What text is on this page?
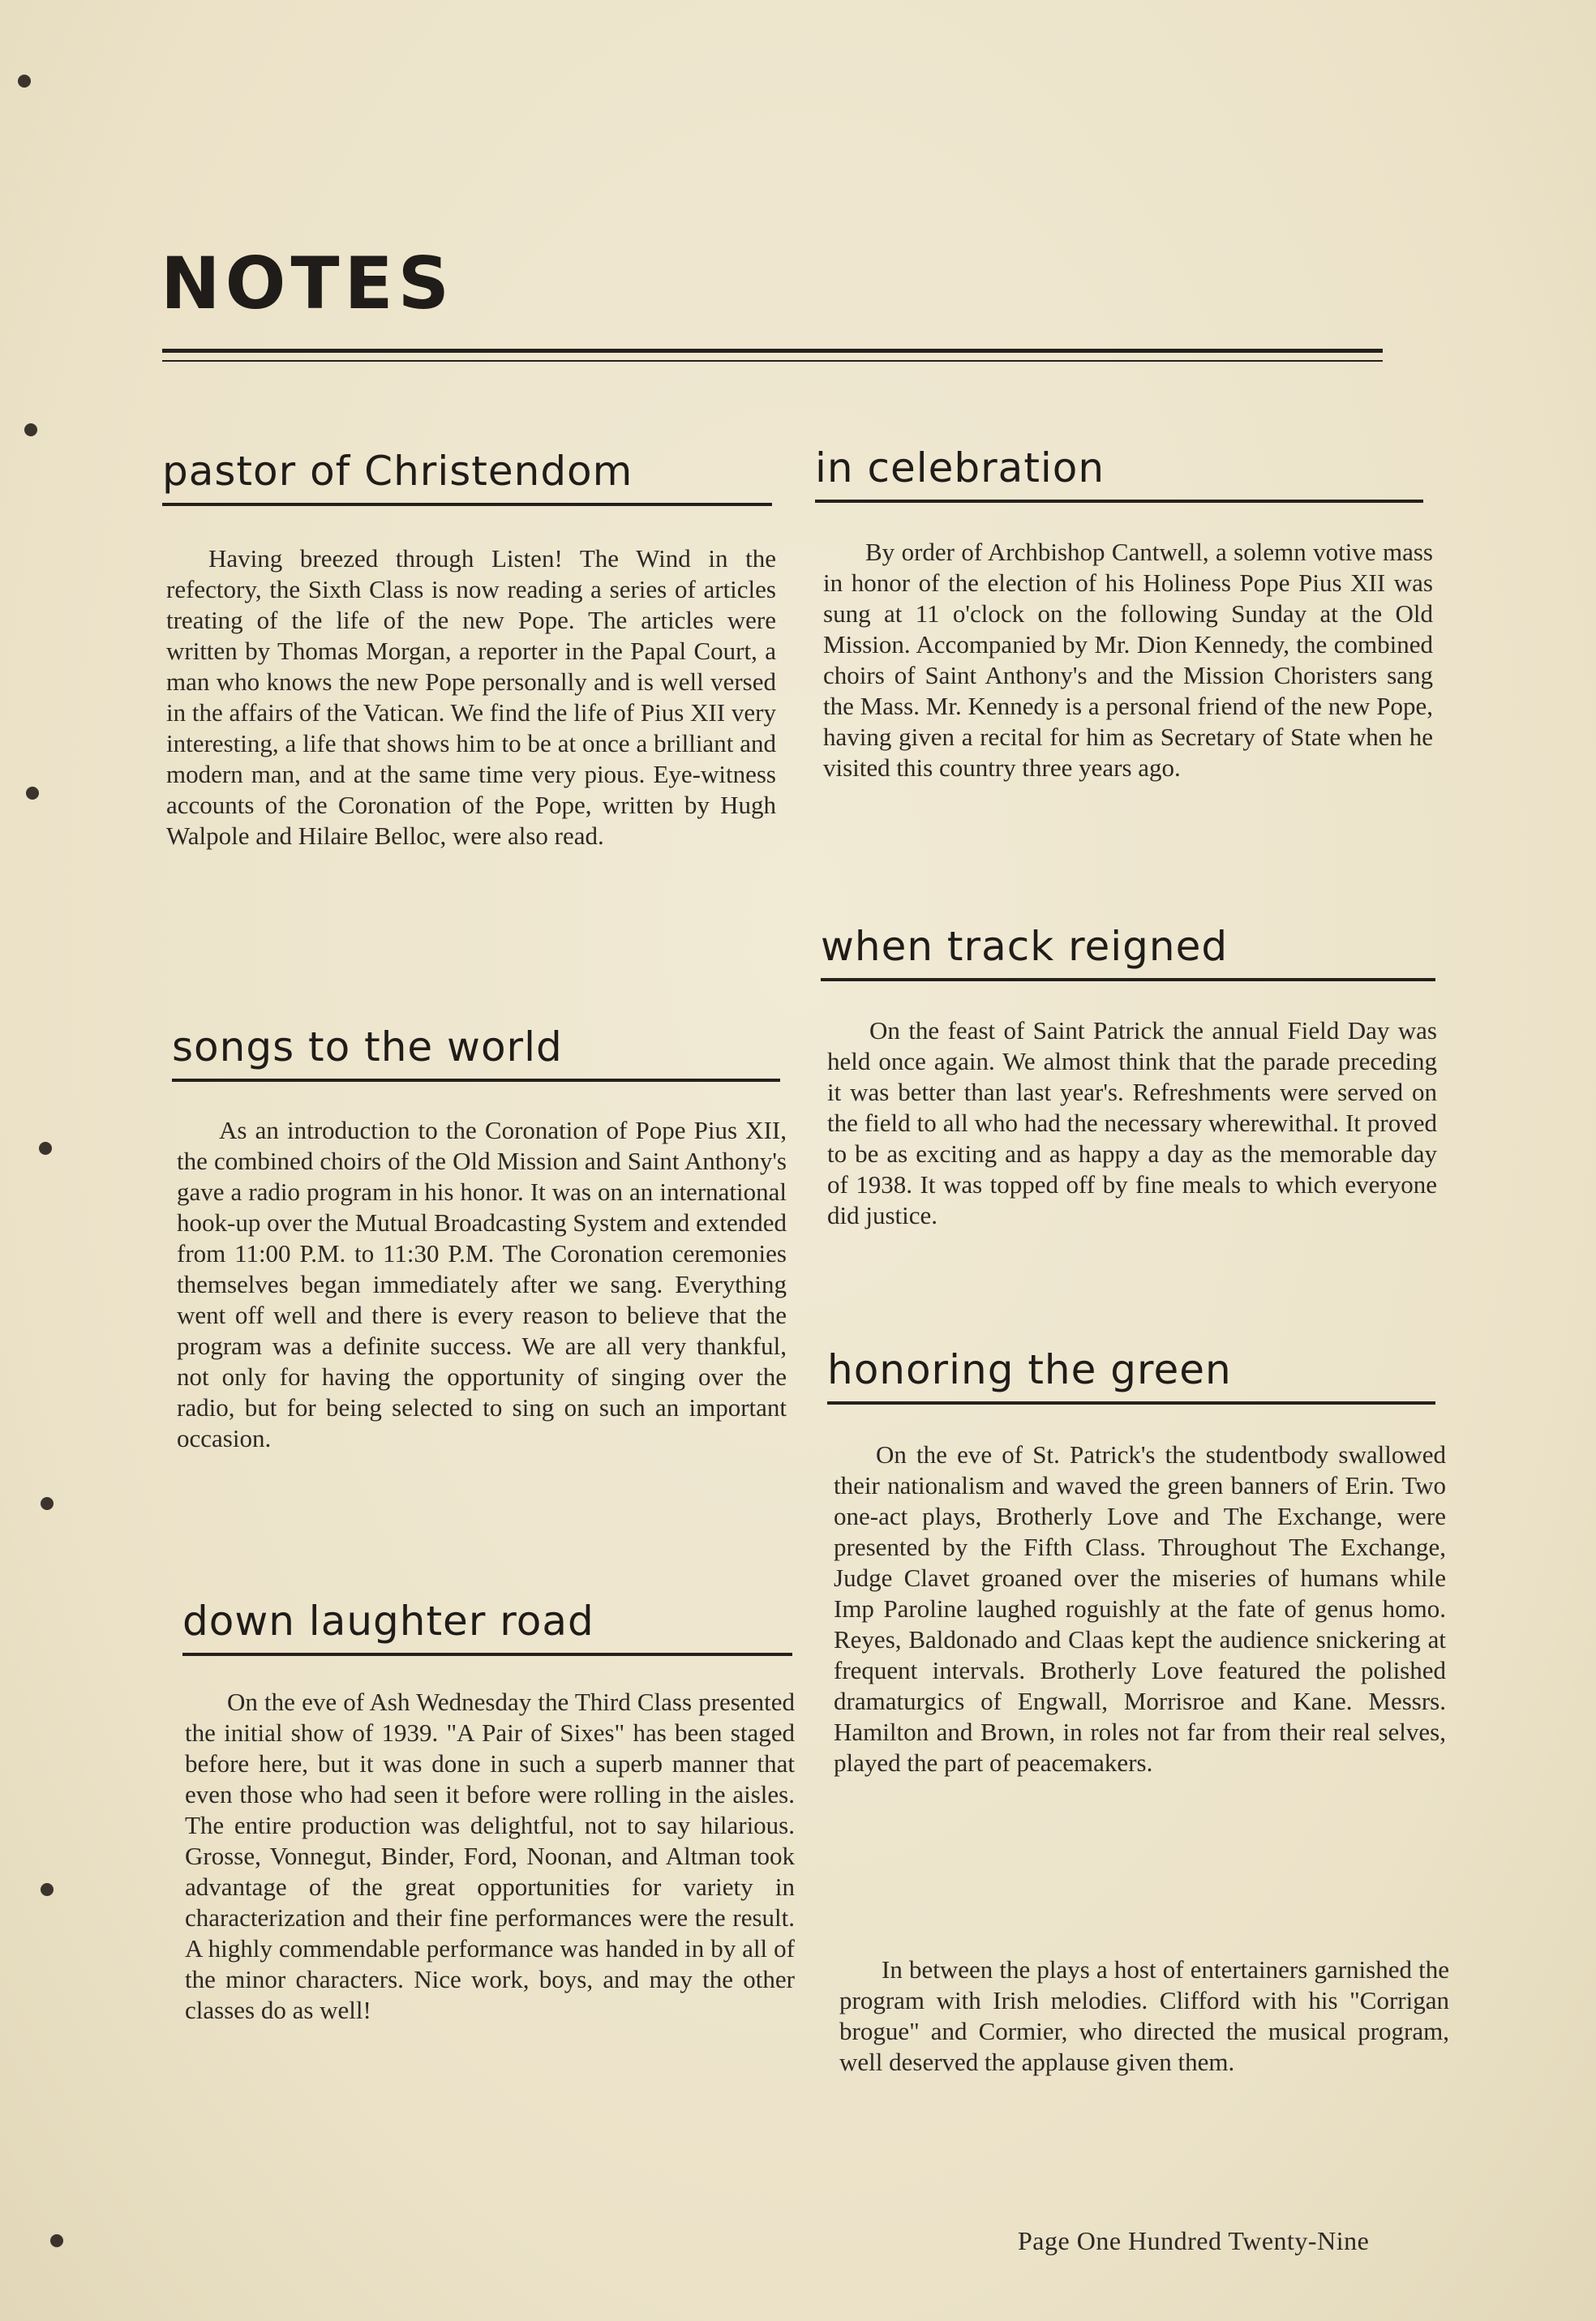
NOTES
pastor of Christendom

Having breezed through Listen! The Wind in the refectory, the Sixth Class is now reading a series of articles treating of the life of the new Pope. The articles were written by Thomas Morgan, a reporter in the Papal Court, a man who knows the new Pope personally and is well versed in the affairs of the Vatican. We find the life of Pius XII very interesting, a life that shows him to be at once a brilliant and modern man, and at the same time very pious. Eye-witness accounts of the Coronation of the Pope, written by Hugh Walpole and Hilaire Belloc, were also read.

songs to the world

As an introduction to the Coronation of Pope Pius XII, the combined choirs of the Old Mission and Saint Anthony's gave a radio program in his honor. It was on an international hook-up over the Mutual Broadcasting System and extended from 11:00 P.M. to 11:30 P.M. The Coronation ceremonies themselves began immediately after we sang. Everything went off well and there is every reason to believe that the program was a definite success. We are all very thankful, not only for having the opportunity of singing over the radio, but for being selected to sing on such an important occasion.

down laughter road

On the eve of Ash Wednesday the Third Class presented the initial show of 1939. "A Pair of Sixes" has been staged before here, but it was done in such a superb manner that even those who had seen it before were rolling in the aisles. The entire production was delightful, not to say hilarious. Grosse, Vonnegut, Binder, Ford, Noonan, and Altman took advantage of the great opportunities for variety in characterization and their fine performances were the result. A highly commendable performance was handed in by all of the minor characters. Nice work, boys, and may the other classes do as well!

in celebration

By order of Archbishop Cantwell, a solemn votive mass in honor of the election of his Holiness Pope Pius XII was sung at 11 o'clock on the following Sunday at the Old Mission. Accompanied by Mr. Dion Kennedy, the combined choirs of Saint Anthony's and the Mission Choristers sang the Mass. Mr. Kennedy is a personal friend of the new Pope, having given a recital for him as Secretary of State when he visited this country three years ago.

when track reigned

On the feast of Saint Patrick the annual Field Day was held once again. We almost think that the parade preceding it was better than last year's. Refreshments were served on the field to all who had the necessary wherewithal. It proved to be as exciting and as happy a day as the memorable day of 1938. It was topped off by fine meals to which everyone did justice.

honoring the green

On the eve of St. Patrick's the studentbody swallowed their nationalism and waved the green banners of Erin. Two one-act plays, Brotherly Love and The Exchange, were presented by the Fifth Class. Throughout The Exchange, Judge Clavet groaned over the miseries of humans while Imp Paroline laughed roguishly at the fate of genus homo. Reyes, Baldonado and Claas kept the audience snickering at frequent intervals. Brotherly Love featured the polished dramaturgics of Engwall, Morrisroe and Kane. Messrs. Hamilton and Brown, in roles not far from their real selves, played the part of peacemakers.

In between the plays a host of entertainers garnished the program with Irish melodies. Clifford with his "Corrigan brogue" and Cormier, who directed the musical program, well deserved the applause given them.

Page One Hundred Twenty-Nine
